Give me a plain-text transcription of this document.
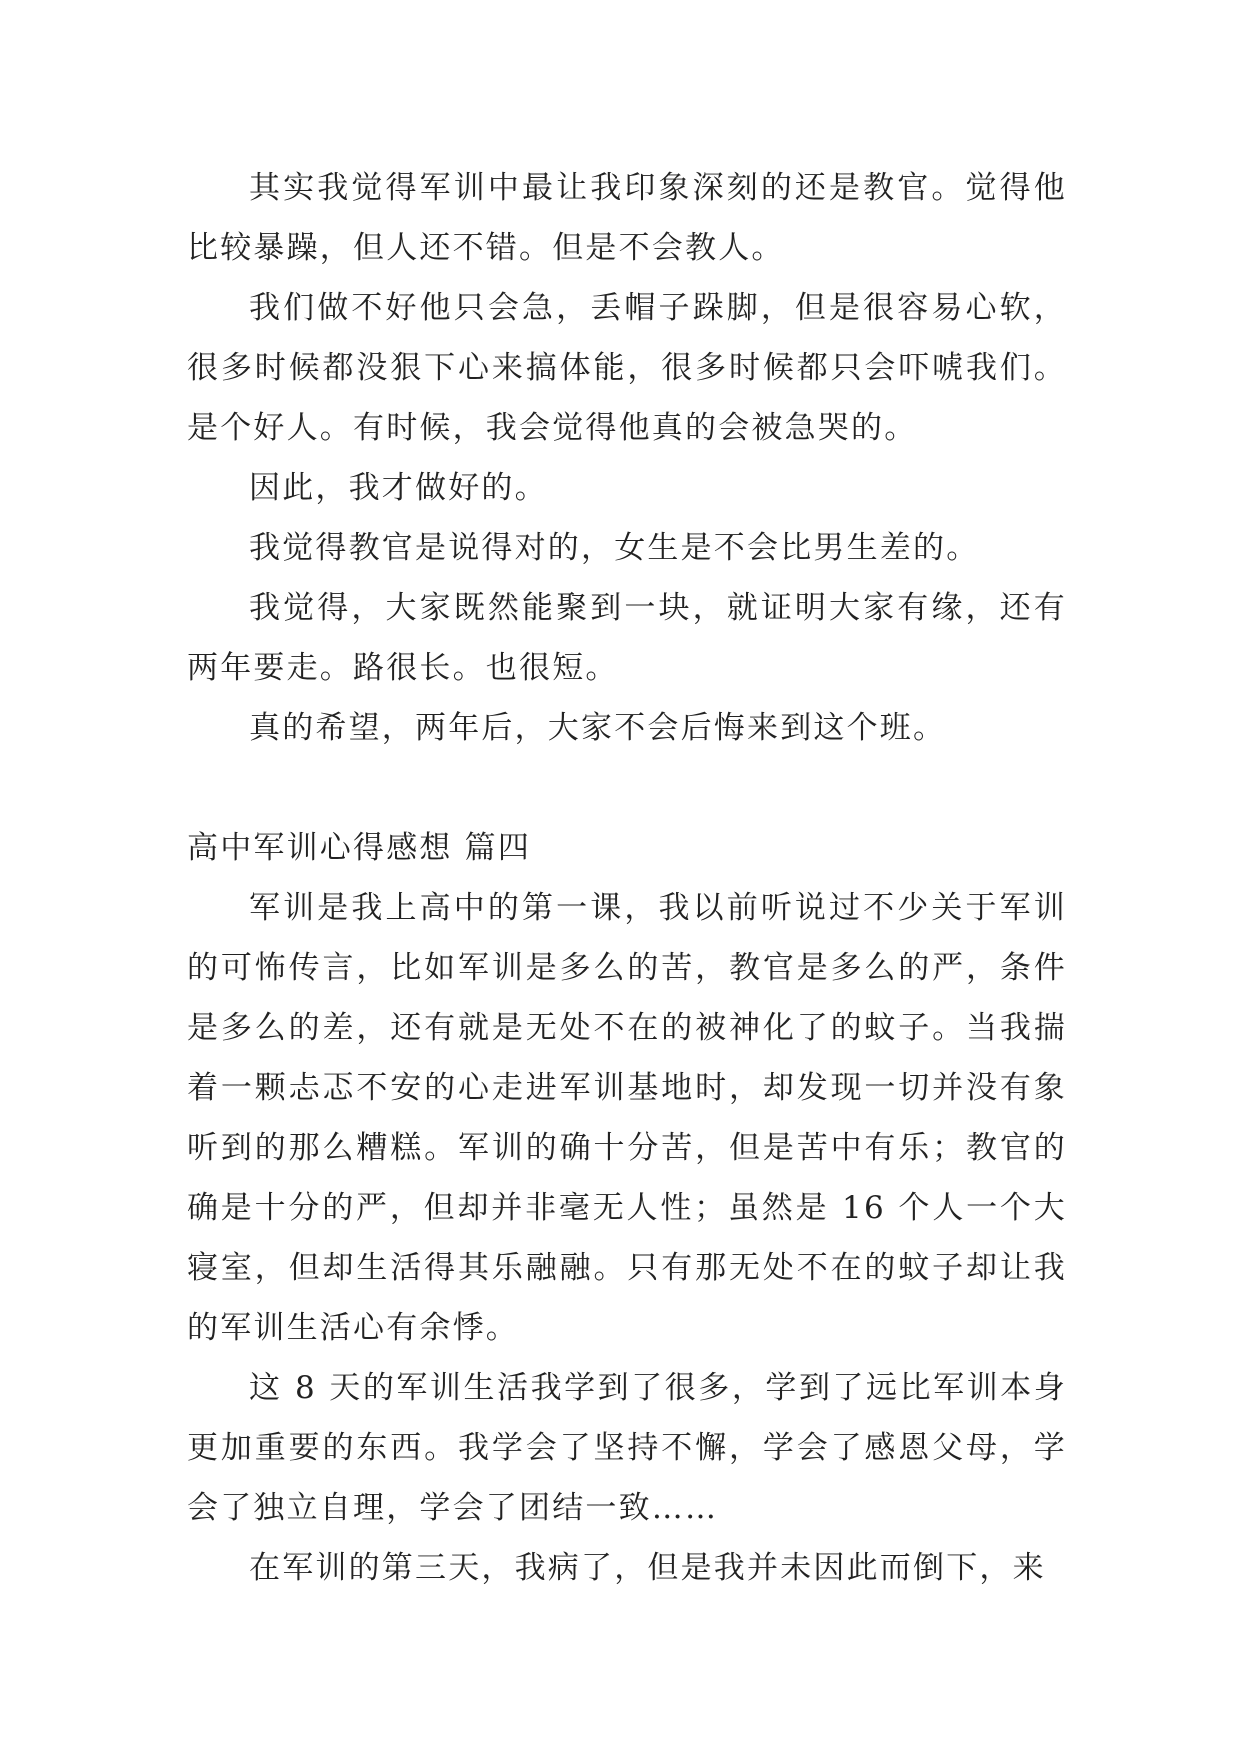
其实我觉得军训中最让我印象深刻的还是教官。觉得他比较暴躁，但人还不错。但是不会教人。

我们做不好他只会急，丢帽子跺脚，但是很容易心软，很多时候都没狠下心来搞体能，很多时候都只会吓唬我们。是个好人。有时候，我会觉得他真的会被急哭的。

因此，我才做好的。

我觉得教官是说得对的，女生是不会比男生差的。

我觉得，大家既然能聚到一块，就证明大家有缘，还有两年要走。路很长。也很短。

真的希望，两年后，大家不会后悔来到这个班。

高中军训心得感想 篇四

军训是我上高中的第一课，我以前听说过不少关于军训的可怖传言，比如军训是多么的苦，教官是多么的严，条件是多么的差，还有就是无处不在的被神化了的蚊子。当我揣着一颗忐忑不安的心走进军训基地时，却发现一切并没有象听到的那么糟糕。军训的确十分苦，但是苦中有乐；教官的确是十分的严，但却并非毫无人性；虽然是 16 个人一个大寝室，但却生活得其乐融融。只有那无处不在的蚊子却让我的军训生活心有余悸。

这 8 天的军训生活我学到了很多，学到了远比军训本身更加重要的东西。我学会了坚持不懈，学会了感恩父母，学会了独立自理，学会了团结一致……

在军训的第三天，我病了，但是我并未因此而倒下，来
